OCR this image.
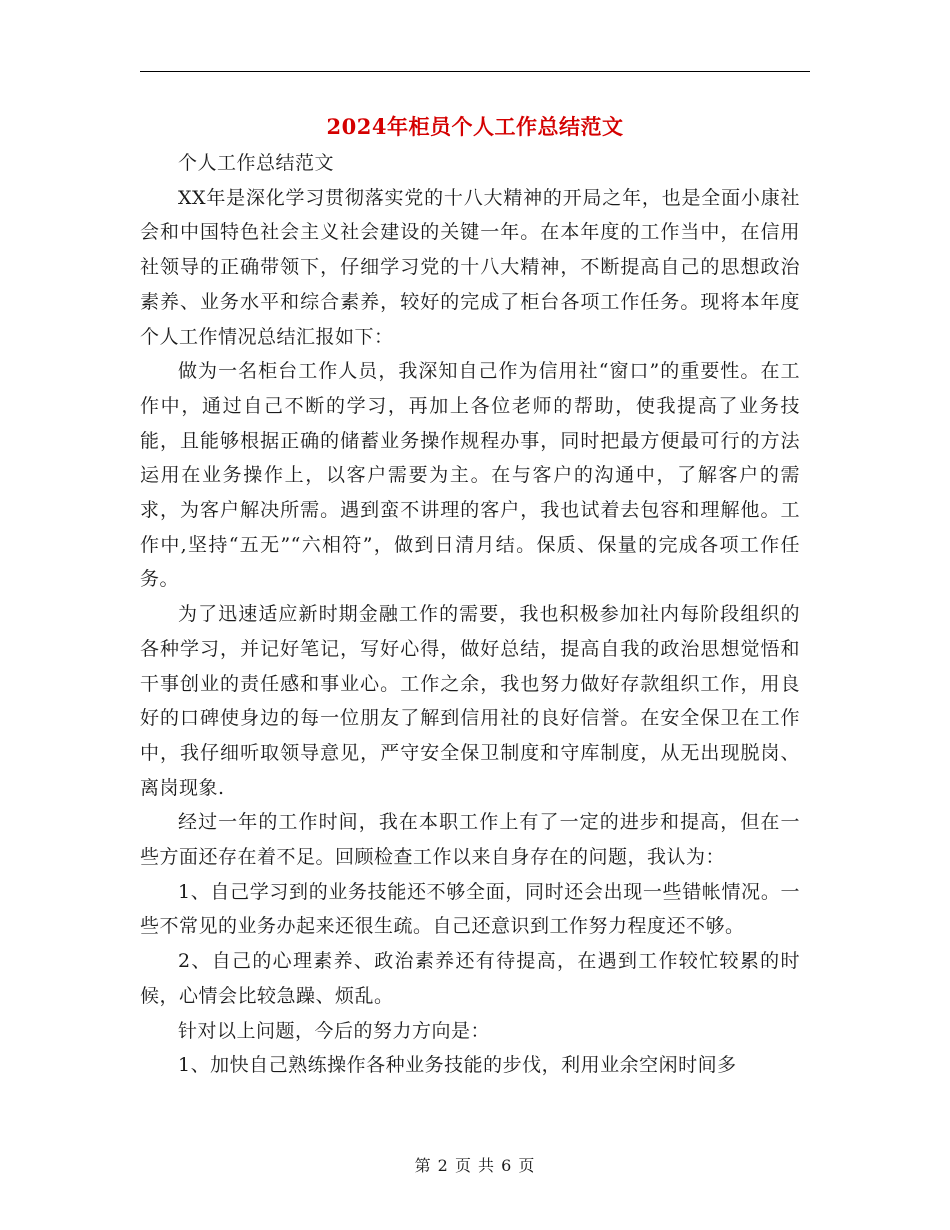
2024年柜员个人工作总结范文

个人工作总结范文

XX年是深化学习贯彻落实党的十八大精神的开局之年，也是全面小康社会和中国特色社会主义社会建设的关键一年。在本年度的工作当中，在信用社领导的正确带领下，仔细学习党的十八大精神，不断提高自己的思想政治素养、业务水平和综合素养，较好的完成了柜台各项工作任务。现将本年度个人工作情况总结汇报如下：

做为一名柜台工作人员，我深知自己作为信用社“窗口”的重要性。在工作中，通过自己不断的学习，再加上各位老师的帮助，使我提高了业务技能，且能够根据正确的储蓄业务操作规程办事，同时把最方便最可行的方法运用在业务操作上，以客户需要为主。在与客户的沟通中，了解客户的需求，为客户解决所需。遇到蛮不讲理的客户，我也试着去包容和理解他。工作中,坚持“五无”“六相符”，做到日清月结。保质、保量的完成各项工作任务。

为了迅速适应新时期金融工作的需要，我也积极参加社内每阶段组织的各种学习，并记好笔记，写好心得，做好总结，提高自我的政治思想觉悟和干事创业的责任感和事业心。工作之余，我也努力做好存款组织工作，用良好的口碑使身边的每一位朋友了解到信用社的良好信誉。在安全保卫在工作中，我仔细听取领导意见，严守安全保卫制度和守库制度，从无出现脱岗、离岗现象.

经过一年的工作时间，我在本职工作上有了一定的进步和提高，但在一些方面还存在着不足。回顾检查工作以来自身存在的问题，我认为：

1、自己学习到的业务技能还不够全面，同时还会出现一些错帐情况。一些不常见的业务办起来还很生疏。自己还意识到工作努力程度还不够。

2、自己的心理素养、政治素养还有待提高，在遇到工作较忙较累的时候，心情会比较急躁、烦乱。

针对以上问题，今后的努力方向是：

1、加快自己熟练操作各种业务技能的步伐，利用业余空闲时间多

第 2 页 共 6 页
